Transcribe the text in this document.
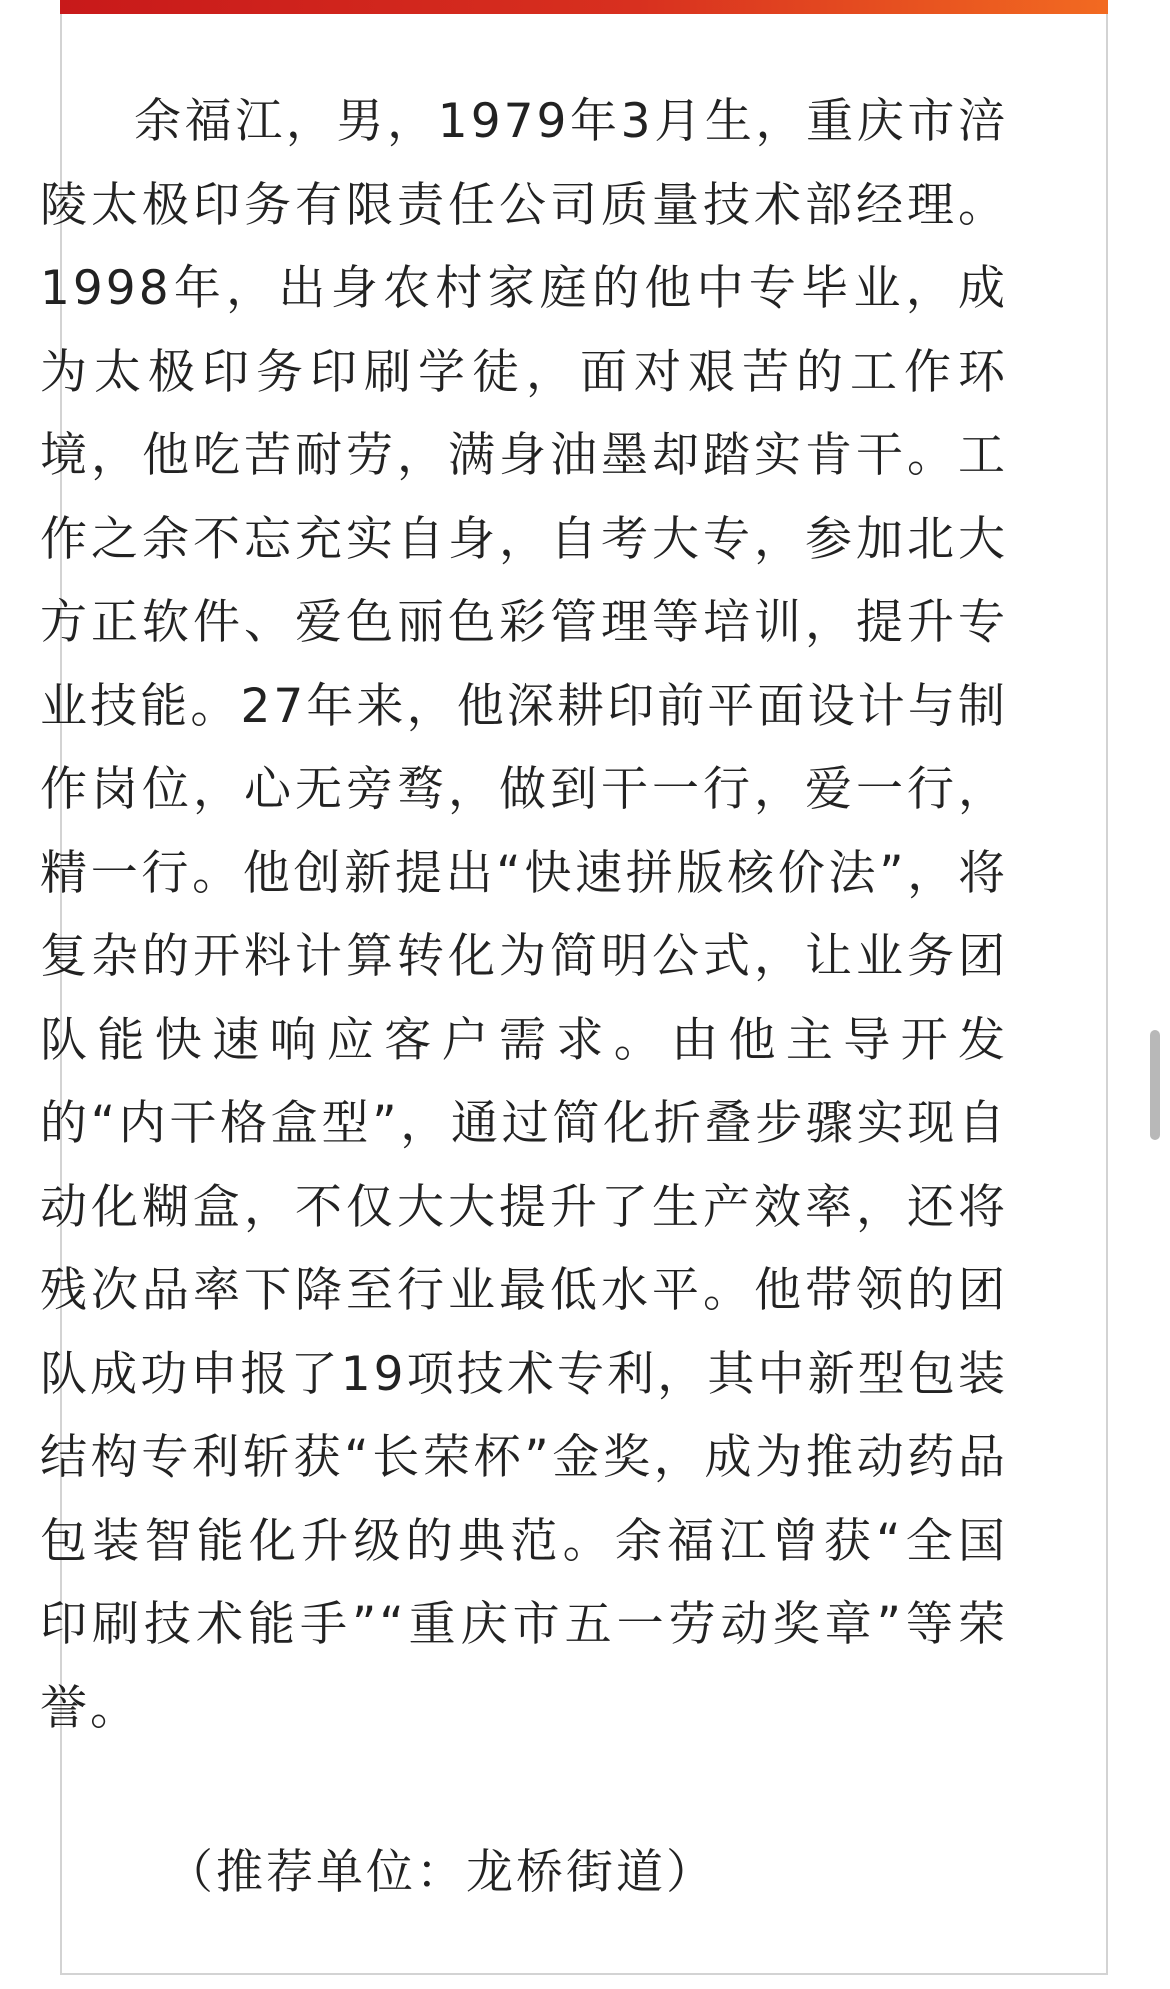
余福江，男，1979年3月生，重庆市涪陵太极印务有限责任公司质量技术部经理。1998年，出身农村家庭的他中专毕业，成为太极印务印刷学徒，面对艰苦的工作环境，他吃苦耐劳，满身油墨却踏实肯干。工作之余不忘充实自身，自考大专，参加北大方正软件、爱色丽色彩管理等培训，提升专业技能。27年来，他深耕印前平面设计与制作岗位，心无旁骛，做到干一行，爱一行，精一行。他创新提出“快速拼版核价法”，将复杂的开料计算转化为简明公式，让业务团队能快速响应客户需求。由他主导开发的“内干格盒型”，通过简化折叠步骤实现自动化糊盒，不仅大大提升了生产效率，还将残次品率下降至行业最低水平。他带领的团队成功申报了19项技术专利，其中新型包装结构专利斩获“长荣杯”金奖，成为推动药品包装智能化升级的典范。余福江曾获“全国印刷技术能手”“重庆市五一劳动奖章”等荣誉。

（推荐单位：龙桥街道）
